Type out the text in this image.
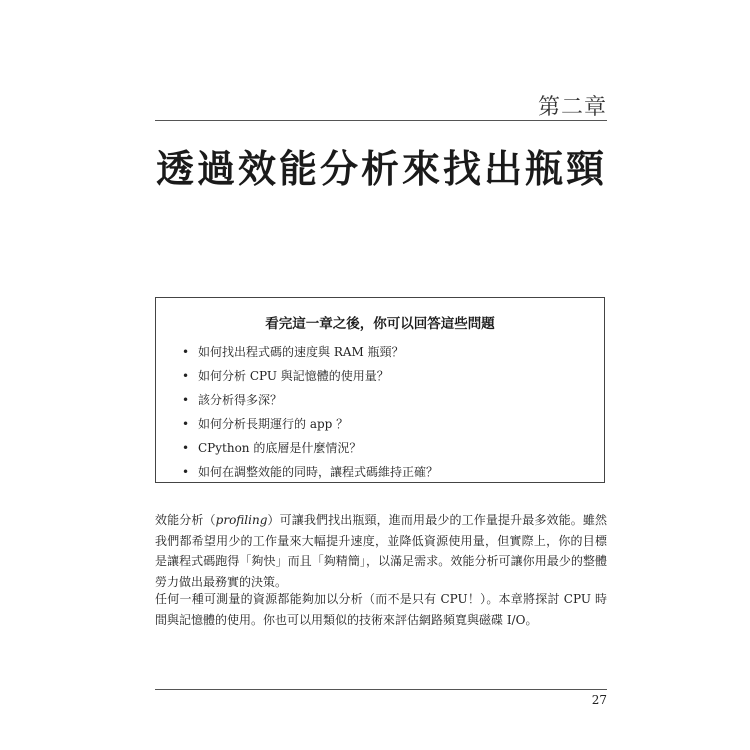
第二章
透過效能分析來找出瓶頸
看完這一章之後，你可以回答這些問題
• 如何找出程式碼的速度與 RAM 瓶頸？
• 如何分析 CPU 與記憶體的使用量？
• 該分析得多深？
• 如何分析長期運行的 app ？
• CPython 的底層是什麼情況？
• 如何在調整效能的同時，讓程式碼維持正確？

效能分析（profiling）可讓我們找出瓶頸，進而用最少的工作量提升最多效能。雖然我們都希望用少的工作量來大幅提升速度，並降低資源使用量，但實際上，你的目標是讓程式碼跑得「夠快」而且「夠精簡」，以滿足需求。效能分析可讓你用最少的整體勞力做出最務實的決策。

任何一種可測量的資源都能夠加以分析（而不是只有 CPU！）。本章將探討 CPU 時間與記憶體的使用。你也可以用類似的技術來評估網路頻寬與磁碟 I/O。

27
